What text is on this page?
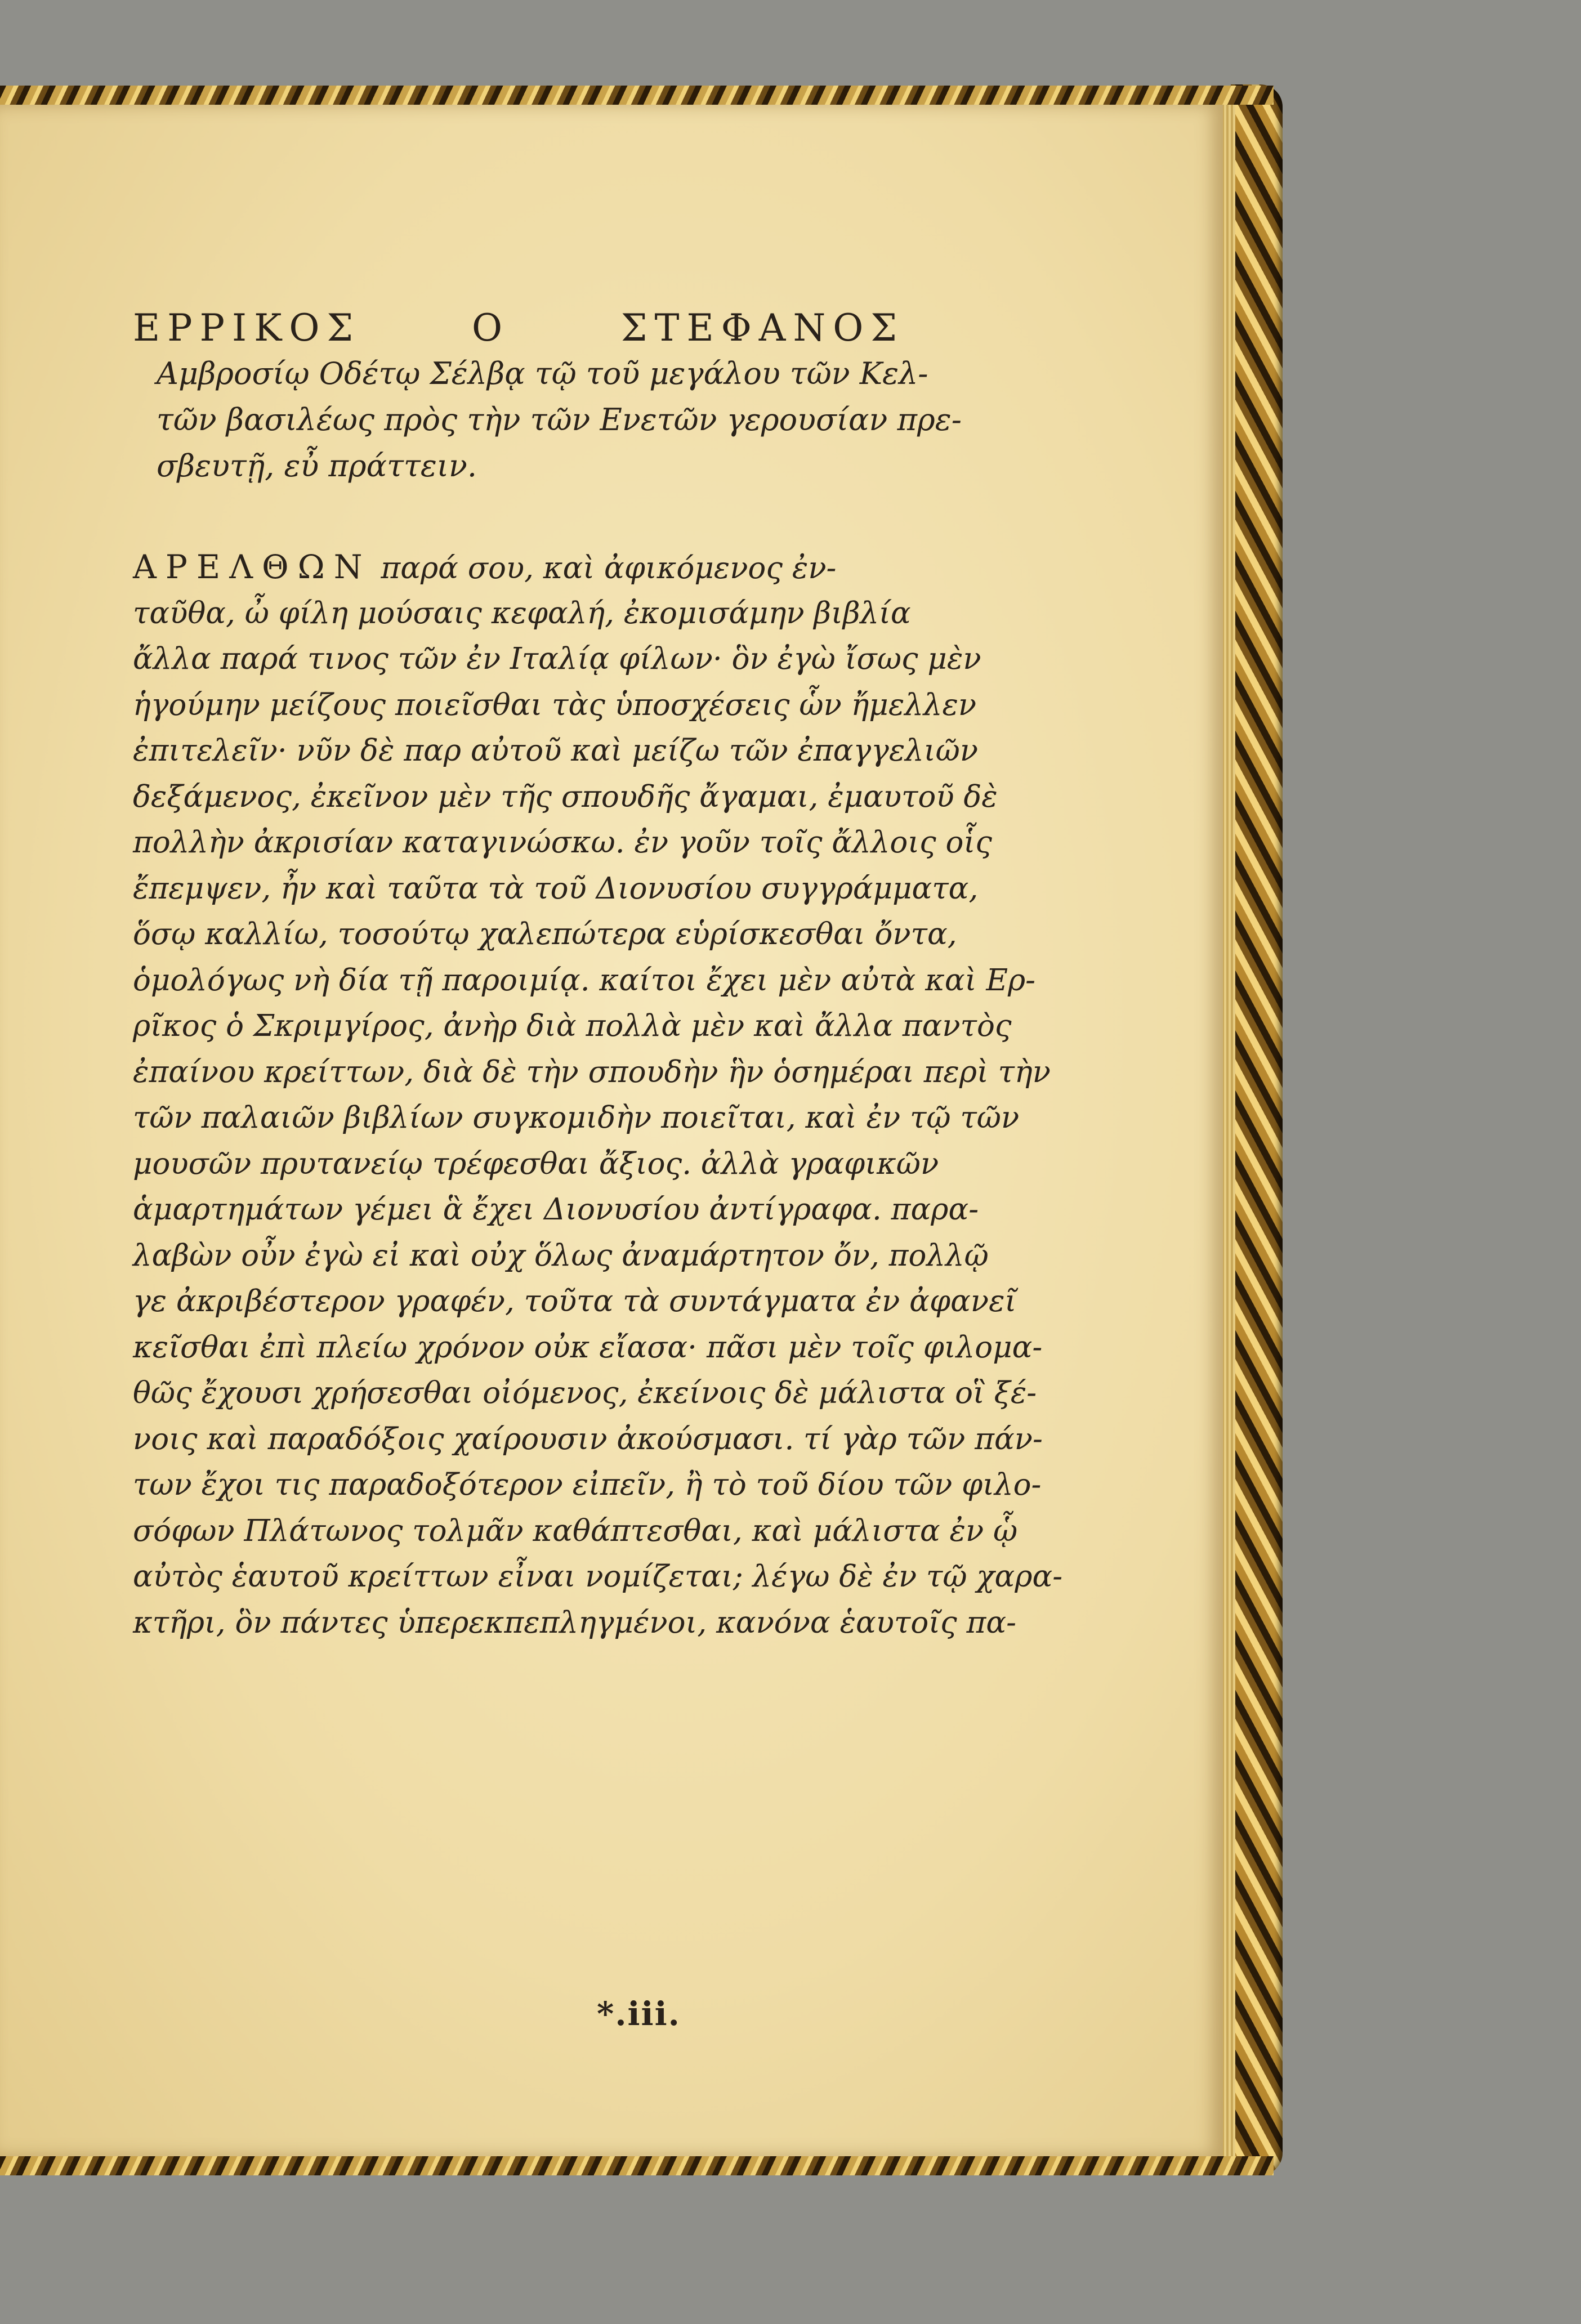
ΕΡΡΙΚΟΣ	Ο	ΣΤΕΦΑΝΟΣ
Αμβροσίῳ Οδέτῳ Σέλβᾳ τῷ τοῦ μεγάλου τῶν Κελ-
τῶν βασιλέως πρὸς τὴν τῶν Ενετῶν γερουσίαν πρε-
σβευτῇ, εὖ πράττειν.
ΑΡΕΛΘΩΝ παρά σου, καὶ ἀφικόμενος ἐν-
ταῦθα, ὦ φίλη μούσαις κεφαλή, ἐκομισάμην βιβλία
ἄλλα παρά τινος τῶν ἐν Ιταλίᾳ φίλων· ὃν ἐγὼ ἴσως μὲν
ἡγούμην μείζους ποιεῖσθαι τὰς ὑποσχέσεις ὧν ἤμελλεν
ἐπιτελεῖν· νῦν δὲ παρ αὐτοῦ καὶ μείζω τῶν ἐπαγγελιῶν
δεξάμενος, ἐκεῖνον μὲν τῆς σπουδῆς ἄγαμαι, ἐμαυτοῦ δὲ
πολλὴν ἀκρισίαν καταγινώσκω. ἐν γοῦν τοῖς ἄλλοις οἷς
ἔπεμψεν, ἦν καὶ ταῦτα τὰ τοῦ Διονυσίου συγγράμματα,
ὅσῳ καλλίω, τοσούτῳ χαλεπώτερα εὑρίσκεσθαι ὄντα,
ὁμολόγως νὴ δία τῇ παροιμίᾳ. καίτοι ἔχει μὲν αὐτὰ καὶ Ερ-
ρῖκος ὁ Σκριμγίρος, ἀνὴρ διὰ πολλὰ μὲν καὶ ἄλλα παντὸς
ἐπαίνου κρείττων, διὰ δὲ τὴν σπουδὴν ἣν ὁσημέραι περὶ τὴν
τῶν παλαιῶν βιβλίων συγκομιδὴν ποιεῖται, καὶ ἐν τῷ τῶν
μουσῶν πρυτανείῳ τρέφεσθαι ἄξιος. ἀλλὰ γραφικῶν
ἁμαρτημάτων γέμει ἃ ἔχει Διονυσίου ἀντίγραφα. παρα-
λαβὼν οὖν ἐγὼ εἰ καὶ οὐχ ὅλως ἀναμάρτητον ὄν, πολλῷ
γε ἀκριβέστερον γραφέν, τοῦτα τὰ συντάγματα ἐν ἀφανεῖ
κεῖσθαι ἐπὶ πλείω χρόνον οὐκ εἴασα· πᾶσι μὲν τοῖς φιλομα-
θῶς ἔχουσι χρήσεσθαι οἰόμενος, ἐκείνοις δὲ μάλιστα οἳ ξέ-
νοις καὶ παραδόξοις χαίρουσιν ἀκούσμασι. τί γὰρ τῶν πάν-
των ἔχοι τις παραδοξότερον εἰπεῖν, ἢ τὸ τοῦ δίου τῶν φιλο-
σόφων Πλάτωνος τολμᾶν καθάπτεσθαι, καὶ μάλιστα ἐν ᾧ
αὐτὸς ἑαυτοῦ κρείττων εἶναι νομίζεται; λέγω δὲ ἐν τῷ χαρα-
κτῆρι, ὃν πάντες ὑπερεκπεπληγμένοι, κανόνα ἑαυτοῖς πα-
*.iii.
